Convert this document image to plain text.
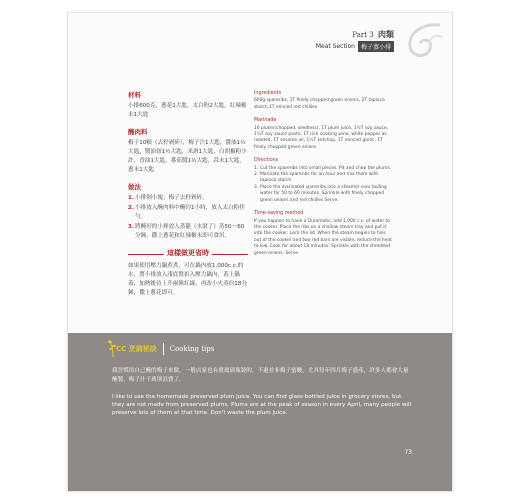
Part 3 肉類
Meat Section	梅子蒸小排
材料
小排600克，蔥花1大匙，太白粉2大匙，紅辣椒末1大匙
醃肉料
梅子10顆（去籽剁碎），梅子汁1大匙，醬油1½大匙，醬油膏1½大匙，米酒1大匙，白胡椒粉少許，香油1大匙，番茄醬1½大匙，蒜末1大匙，蔥末1大匙
做法
1. 小排剁小塊；梅子去籽剁碎。
2. 小排放入醃肉料中醃約1小時，放入太白粉拌勻。
3. 將醃好的小排放入蒸籠（水滾了）蒸50～60分鐘，撒上蔥花和紅辣椒末即可食用。
這樣做更省時
如果使用壓力鍋煮煮，可在鍋內放1,000c.c.的水，將小排放入淺底盤扣入壓力鍋內，蓋上鍋蓋，加熱後待上升兩條紅線，再改小火蒸約18分鐘，撒上蔥花即可。
Ingredients
600g spareribs, 1T finely chopped green onions, 2T tapioca starch,1T minced red chillies
Marinade
10 plums(chopped, seedless), 1T plum juice, 1½T soy sauce, 1½T soy sauce paste, 1T rice cooking wine, white pepper as needed, 1T sesame oil, 1½T ketchup, 1T minced garlic, 1T finely chopped green onions
Directions
1. Cut the spareribs into small pieces. Pit and chop the plums.
2. Marinate the spareribs for an hour and mix them with tapioca starch.
3. Place the marinated spareribs into a steamer over boiling water for 50 to 60 minutes. Sprinkle with finely chopped green onions and red chillies Serve.
Time-saving method
If you happen to have a Duromatic, add 1,000 c.c. of water to the cooker. Place the ribs on a shallow steam tray and put it into the cooker. Lock the lid. When the steam begins to hiss out of the cooker and two red bars are visible, reduce the heat to low. Cook for about 18 minutes. Sprinkle with the shredded green onions. Serve.
CC 烹調秘訣 Cooking tips
我習慣用自己醃的梅子來做，一般店家也有賣玻璃瓶裝的，不過並非梅子蜜餞，尤其每年四月梅子盛產，許多人都會大量醃製，梅子汁千萬別浪費了。
I like to use the homemade preserved plum juice. You can find glass-bottled juice in grocery stores, but they are not made from preserved plums. Plums are at the peak of season in every April, many people will preserve lots of them at that time. Don't waste the plum juice.
73
